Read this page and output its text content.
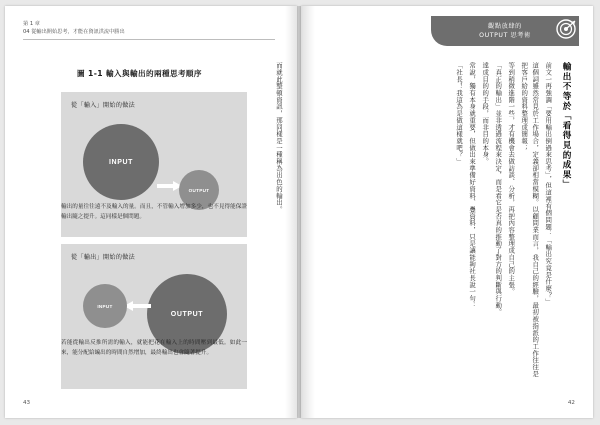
第 1 章
04 從輸出開始思考，才能在資訊洪流中勝出
圖 1-1 輸入與輸出的兩種思考順序
從「輸入」開始的做法
INPUT
OUTPUT
輸出的量往往遠不及輸入的量。而且，不管輸入增加多少，也不見得能保證輸出隨之提升。這同樣是個問題。
從「輸出」開始的做法
OUTPUT
INPUT
若能從輸出反推所需的輸入，就能把花在輸入上的時間壓到最低。如此一來，能分配給編出的時間自然增加，最終輸出也會隨著提升。
43
而就此整頓資訊，那同樣是一種稱為出色的輸出。
觀點放肆的
OUTPUT 思考術
輸出不等於「看得見的成果」
前文一再強調「要用輸出倒過來思考」，但這裡有個問題：「輸出究竟是什麼？」
這個詞雖然常見於工作場合，定義卻相當模糊。以顧問業而言，我自己的經驗，最初被指派的工作往往是把客戶給的資料整理成簡報；
等到稍微進階一些，才有機會去做訪談、分析，再把內容整理成自己的主張。
「真正的輸出」並非透過流程來決定，而是看它是否真的推動了對方的判斷與行動。
達成目的的手段，而非目的本身。
常說，獨有本身就重要，但做出來準備好資料、疊資料，只是讓能夠社長說一句：
「社長！我這為是做這樣就吧？」
42
